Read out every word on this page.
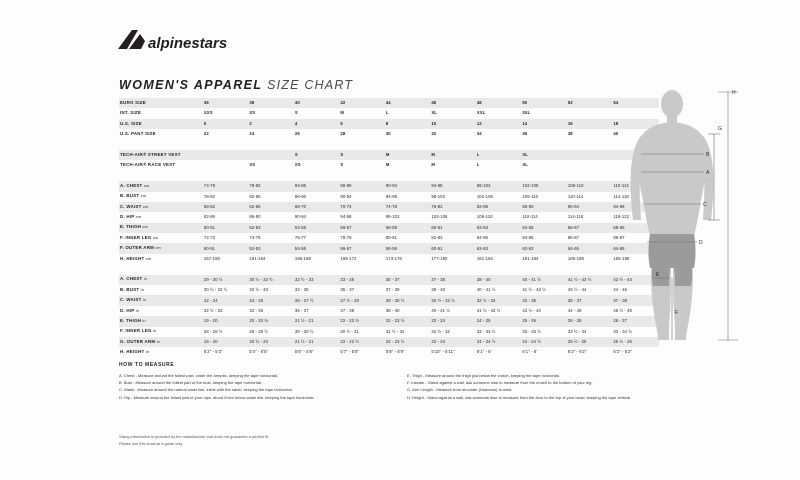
alpinestars
WOMEN'S APPAREL SIZE CHART
EURO SIZE	36	38	40	42	44	46	48	50	52	54
INT. SIZE	XXS	XS	S	M	L	XL	XXL	3XL		
U.S. SIZE	0	2	4	6	8	10	12	14	16	18
U.S. PANT SIZE	22	24	26	28	30	32	34	36	38	40

TECH-AIR® STREET VEST			S	S	M	M	L	XL		
TECH-AIR® RACE VEST		XS	XS	S	M	M	L	XL		

A. CHEST cm	74-78	78-82	82-86	86-90	90-94	94-98	98-102	102-106	106-110	110-114
B. BUST cm	78-82	82-86	86-90	90-94	94-98	98-102	102-106	106-110	110-114	114-118
C. WAIST cm	58-62	62-66	66-70	70-74	74-78	78-82	82-86	86-90	90-94	94-98
D. HIP cm	82-86	86-90	90-94	94-98	98-102	102-106	106-110	110-114	114-118	118-122
E. THIGH cm	50-51	52-53	54-55	56-57	58-59	60-61	62-63	64-65	66-67	68-69
F. INNER LEG cm	72-73	74-75	76-77	78-79	80-81	82-83	84-85	84-85	86-87	86-87
F. OUTER ARM cm	50-51	52-53	54-55	56-57	58-59	60-61	62-63	62-63	64-65	64-65
H. HEIGHT cm	157-160	161-164	165-168	169-172	173-176	177-180	181-184	181-184	185-188	185-188

A. CHEST in	29 - 30 ½	30 ½ - 32 ½	32 ½ - 33	33 - 35	35 - 37	37 - 38	38 - 40	40 - 41 ½	41 ½ - 43 ½	43 ½ - 44
B. BUST in	30 ½ - 32 ½	32 ½ - 33	33 - 35	35 - 37	37 - 38	38 - 40	40 - 41 ½	41 ½ - 43 ½	43 ½ - 44	44 - 46
C. WAIST in	22 - 24	24 - 26	26 - 27 ½	27 ½ - 29	29 - 30 ½	30 ½ - 32 ½	32 ½ - 33	33 - 35	35 - 37	37 - 38
D. HIP in	32 ½ - 33	33 - 35	35 - 37	37 - 38	38 - 40	40 - 41 ½	41 ½ - 43 ½	43 ½ - 44	44 - 46	46 ½ - 48
E. THIGH in	19 - 20	20 - 20 ¾	21 ½ - 21	22 - 22 ½	22 - 23 ½	23 - 24	24 - 25	25 - 26	26 - 26	26 - 27
F. INNER LEG in	28 - 28 ½	29 - 29 ½	30 - 30 ½	30 ½ - 31	31 ½ - 32	32 ½ - 32	33 - 33 ½	33 - 33 ½	33 ½ - 34	33 - 34 ½
G. OUTER ARM in	19 - 20	20 ½ - 20	21 ½ - 21	22 - 22 ½	22 - 23 ½	23 - 24	24 - 24 ½	24 - 24 ½	25 ½ - 25	25 ½ - 25
H. HEIGHT in	5'2" - 5'3"	5'4" - 5'5"	5'5" - 5'6"	5'7" - 5'8"	5'8" - 5'9"	5'10" - 5'11"	6'1" - 6'	6'1" - 6'	6'2" - 6'2"	6'2" - 6'2"
H
G
B
A
C
D
E
F
HOW TO MEASURE

A. Chest - Measure around the fullest part, under the armpits, keeping the tape horizontal.

B. Bust - Measure around the fullest part of the bust, keeping the tape horizontal.

C. Waist - Measure around the natural waist line, inline with the navel, keeping the tape horizontal.

D. Hip - Measure around the fullest part of your hips, about 20cm below waist line, keeping the tape horizontal.

E. Thigh - Measure around the thigh just below the crotch, keeping the tape horizontal.

F. Inseam - Stand against a wall, ask someone else to measure from the crotch to the bottom of your leg.

G. Arm Length - Measure from shoulder (Humerus) to wrist.

H. Height - Stand against a wall, ask someone else to measure from the floor to the top of your head, keeping the tape vertical.

Sizing information is provided by the manufacturer and does not guarantee a perfect fit.

Please use this chart as a guide only.
